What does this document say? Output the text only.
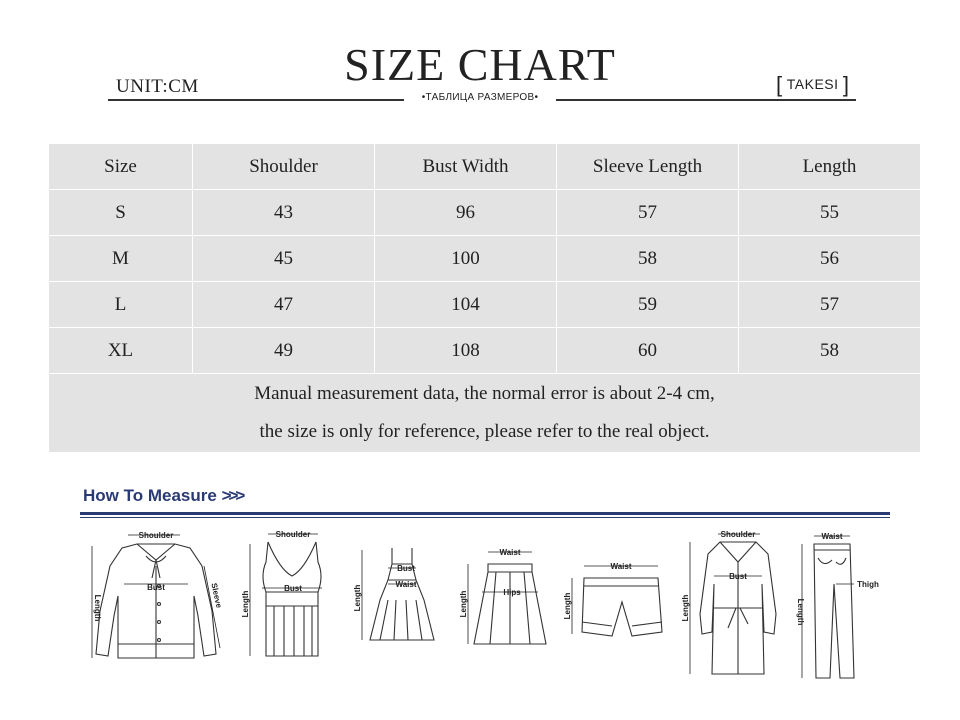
SIZE CHART
UNIT:CM	[ TAKESI ]
•ТАБЛИЦА РАЗМЕРОВ•
Size	Shoulder	Bust Width	Sleeve Length	Length
S	43	96	57	55
M	45	100	58	56
L	47	104	59	57
XL	49	108	60	58

Manual measurement data, the normal error is about 2-4 cm,
the size is only for reference, please refer to the real object.				
How To Measure >>>
Shoulder
Bust
Length	Sleeve
Shoulder
Bust
Length
Bust
Waist
Length
Waist
Hips
Length
Waist
Length
Shoulder
Bust
Length
Waist
Thigh
Length
